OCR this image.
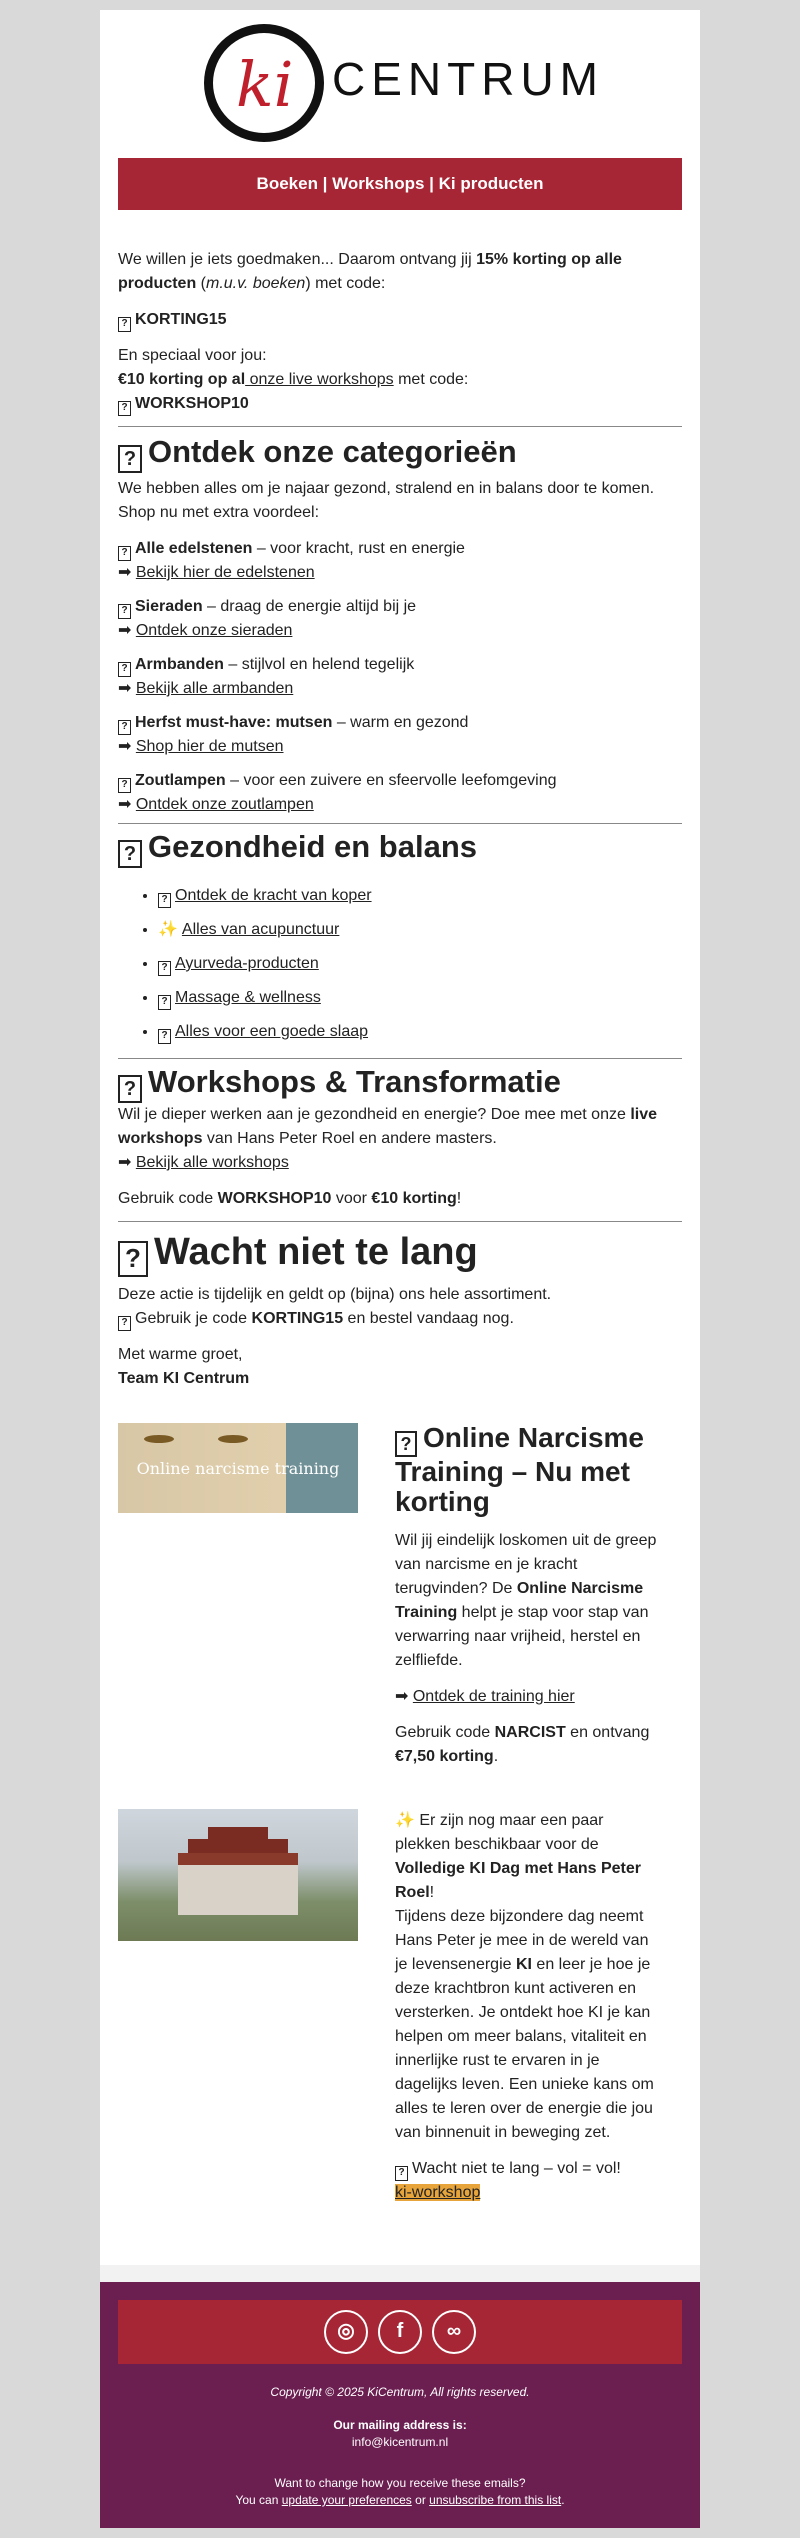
ki CENTRUM
Boeken | Workshops | Ki producten

We willen je iets goedmaken... Daarom ontvang jij 15% korting op alle producten (m.u.v. boeken) met code:

? KORTING15

En speciaal voor jou:
€10 korting op al onze live workshops met code:
? WORKSHOP10

? Ontdek onze categorieën

We hebben alles om je najaar gezond, stralend en in balans door te komen. Shop nu met extra voordeel:

? Alle edelstenen – voor kracht, rust en energie
➡ Bekijk hier de edelstenen

? Sieraden – draag de energie altijd bij je
➡ Ontdek onze sieraden

? Armbanden – stijlvol en helend tegelijk
➡ Bekijk alle armbanden

? Herfst must-have: mutsen – warm en gezond
➡ Shop hier de mutsen

? Zoutlampen – voor een zuivere en sfeervolle leefomgeving
➡ Ontdek onze zoutlampen

? Gezondheid en balans
• ? Ontdek de kracht van koper
• ✨ Alles van acupunctuur
• ? Ayurveda-producten
• ? Massage & wellness
• ? Alles voor een goede slaap
? Workshops & Transformatie

Wil je dieper werken aan je gezondheid en energie? Doe mee met onze live workshops van Hans Peter Roel en andere masters.
➡ Bekijk alle workshops

Gebruik code WORKSHOP10 voor €10 korting!

? Wacht niet te lang

Deze actie is tijdelijk en geldt op (bijna) ons hele assortiment.
? Gebruik je code KORTING15 en bestel vandaag nog.

Met warme groet,
Team KI Centrum

Online narcisme training
? Online Narcisme Training – Nu met korting

Wil jij eindelijk loskomen uit de greep van narcisme en je kracht terugvinden? De Online Narcisme Training helpt je stap voor stap van verwarring naar vrijheid, herstel en zelfliefde.

➡ Ontdek de training hier

Gebruik code NARCIST en ontvang €7,50 korting.

✨ Er zijn nog maar een paar plekken beschikbaar voor de Volledige KI Dag met Hans Peter Roel!
Tijdens deze bijzondere dag neemt Hans Peter je mee in de wereld van je levensenergie KI en leer je hoe je deze krachtbron kunt activeren en versterken. Je ontdekt hoe KI je kan helpen om meer balans, vitaliteit en innerlijke rust te ervaren in je dagelijks leven. Een unieke kans om alles te leren over de energie die jou van binnenuit in beweging zet.

? Wacht niet te lang – vol = vol!
ki-workshop

◎	f	∞

Copyright © 2025 KiCentrum, All rights reserved.

Our mailing address is:
info@kicentrum.nl

Want to change how you receive these emails?
You can update your preferences or unsubscribe from this list.
